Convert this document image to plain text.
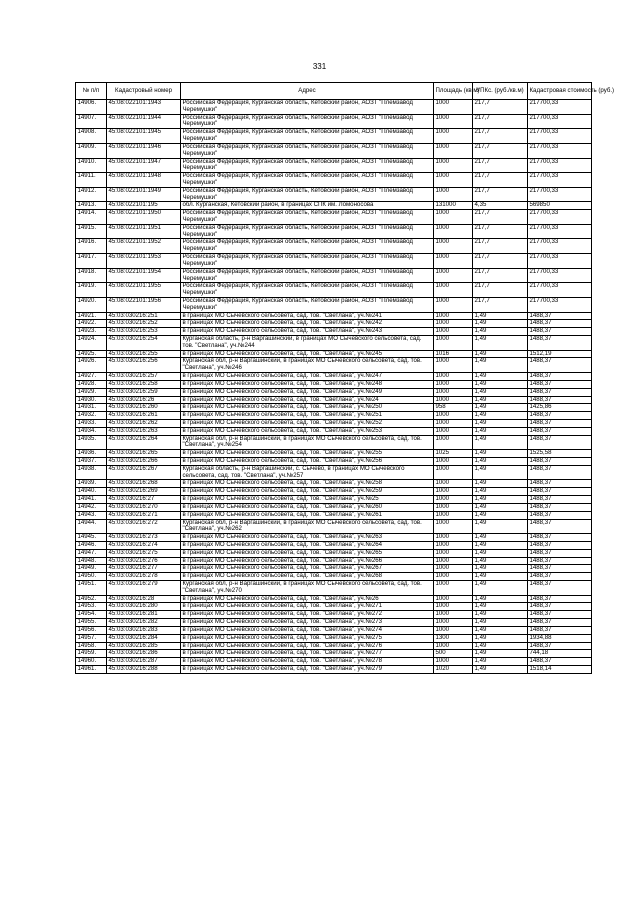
331
№ п/п	Кадастровый номер	Адрес	Площадь (кв.м)	УПКс. (руб./кв.м)	Кадастровая стоимость (руб.)
14906.	45:08:022101:1943	Российская Федерация, Курганская область, Кетовский район, АОЗТ "Племзавод Черемушки"	1000	217,7	217700,33
14907.	45:08:022101:1944	Российская Федерация, Курганская область, Кетовский район, АОЗТ "Племзавод Черемушки"	1000	217,7	217700,33
14908.	45:08:022101:1945	Российская Федерация, Курганская область, Кетовский район, АОЗТ "Племзавод Черемушки"	1000	217,7	217700,33
14909.	45:08:022101:1946	Российская Федерация, Курганская область, Кетовский район, АОЗТ "Племзавод Черемушки"	1000	217,7	217700,33
14910.	45:08:022101:1947	Российская Федерация, Курганская область, Кетовский район, АОЗТ "Племзавод Черемушки"	1000	217,7	217700,33
14911.	45:08:022101:1948	Российская Федерация, Курганская область, Кетовский район, АОЗТ "Племзавод Черемушки"	1000	217,7	217700,33
14912.	45:08:022101:1949	Российская Федерация, Курганская область, Кетовский район, АОЗТ "Племзавод Черемушки"	1000	217,7	217700,33
14913.	45:08:022101:195	обл. Курганская, Кетовский район, в границах СПК им. Ломоносова	131000	4,35	569850
14914.	45:08:022101:1950	Российская Федерация, Курганская область, Кетовский район, АОЗТ "Племзавод Черемушки"	1000	217,7	217700,33
14915.	45:08:022101:1951	Российская Федерация, Курганская область, Кетовский район, АОЗТ "Племзавод Черемушки"	1000	217,7	217700,33
14916.	45:08:022101:1952	Российская Федерация, Курганская область, Кетовский район, АОЗТ "Племзавод Черемушки"	1000	217,7	217700,33
14917.	45:08:022101:1953	Российская Федерация, Курганская область, Кетовский район, АОЗТ "Племзавод Черемушки"	1000	217,7	217700,33
14918.	45:08:022101:1954	Российская Федерация, Курганская область, Кетовский район, АОЗТ "Племзавод Черемушки"	1000	217,7	217700,33
14919.	45:08:022101:1955	Российская Федерация, Курганская область, Кетовский район, АОЗТ "Племзавод Черемушки"	1000	217,7	217700,33
14920.	45:08:022101:1956	Российская Федерация, Курганская область, Кетовский район, АОЗТ "Племзавод Черемушки"	1000	217,7	217700,33
14921.	45:03:030216:251	в границах МО Сычевского сельсовета, сад. тов. "Светлана", уч.№241	1000	1,49	1488,37
14922.	45:03:030216:252	в границах МО Сычевского сельсовета, сад. тов. "Светлана", уч.№242	1000	1,49	1488,37
14923.	45:03:030216:253	в границах МО Сычевского сельсовета, сад. тов. "Светлана", уч.№243	1000	1,49	1488,37
14924.	45:03:030216:254	Курганская область, р-н Варгашинский, в границах МО Сычевского сельсовета, сад. тов. "Светлана", уч.№244	1000	1,49	1488,37
14925.	45:03:030216:255	в границах МО Сычевского сельсовета, сад. тов. "Светлана", уч.№245	1016	1,49	1512,19
14926.	45:03:030216:256	Курганская обл, р-н Варгашинский, в границах МО Сычевского сельсовета, сад. тов. "Светлана", уч.№246	1000	1,49	1488,37
14927.	45:03:030216:257	в границах МО Сычевского сельсовета, сад. тов. "Светлана", уч.№247	1000	1,49	1488,37
14928.	45:03:030216:258	в границах МО Сычевского сельсовета, сад. тов. "Светлана", уч.№248	1000	1,49	1488,37
14929.	45:03:030216:259	в границах МО Сычевского сельсовета, сад. тов. "Светлана", уч.№249	1000	1,49	1488,37
14930.	45:03:030216:26	в границах МО Сычевского сельсовета, сад. тов. "Светлана", уч.№24	1000	1,49	1488,37
14931.	45:03:030216:260	в границах МО Сычевского сельсовета, сад. тов. "Светлана", уч.№250	958	1,49	1425,86
14932.	45:03:030216:261	в границах МО Сычевского сельсовета, сад. тов. "Светлана", уч.№251	1000	1,49	1488,37
14933.	45:03:030216:262	в границах МО Сычевского сельсовета, сад. тов. "Светлана", уч.№252	1000	1,49	1488,37
14934.	45:03:030216:263	в границах МО Сычевского сельсовета, сад. тов. "Светлана", уч.№253	1000	1,49	1488,37
14935.	45:03:030216:264	Курганская обл, р-н Варгашинский, в границах МО Сычевского сельсовета, сад. тов. "Светлана", уч.№254	1000	1,49	1488,37
14936.	45:03:030216:265	в границах МО Сычевского сельсовета, сад. тов. "Светлана", уч.№255	1025	1,49	1525,58
14937.	45:03:030216:266	в границах МО Сычевского сельсовета, сад. тов. "Светлана", уч.№256	1000	1,49	1488,37
14938.	45:03:030216:267	Курганская область, р-н Варгашинский, с. Сычево, в границах МО Сычевского сельсовета, сад. тов. "Светлана", уч.№257	1000	1,49	1488,37
14939.	45:03:030216:268	в границах МО Сычевского сельсовета, сад. тов. "Светлана", уч.№258	1000	1,49	1488,37
14940.	45:03:030216:269	в границах МО Сычевского сельсовета, сад. тов. "Светлана", уч.№259	1000	1,49	1488,37
14941.	45:03:030216:27	в границах МО Сычевского сельсовета, сад. тов. "Светлана", уч.№25	1000	1,49	1488,37
14942.	45:03:030216:270	в границах МО Сычевского сельсовета, сад. тов. "Светлана", уч.№260	1000	1,49	1488,37
14943.	45:03:030216:271	в границах МО Сычевского сельсовета, сад. тов. "Светлана", уч.№261	1000	1,49	1488,37
14944.	45:03:030216:272	Курганская обл, р-н Варгашинский, в границах МО Сычевского сельсовета, сад. тов. "Светлана", уч.№262	1000	1,49	1488,37
14945.	45:03:030216:273	в границах МО Сычевского сельсовета, сад. тов. "Светлана", уч.№263	1000	1,49	1488,37
14946.	45:03:030216:274	в границах МО Сычевского сельсовета, сад. тов. "Светлана", уч.№264	1000	1,49	1488,37
14947.	45:03:030216:275	в границах МО Сычевского сельсовета, сад. тов. "Светлана", уч.№265	1000	1,49	1488,37
14948.	45:03:030216:276	в границах МО Сычевского сельсовета, сад. тов. "Светлана", уч.№266	1000	1,49	1488,37
14949.	45:03:030216:277	в границах МО Сычевского сельсовета, сад. тов. "Светлана", уч.№267	1000	1,49	1488,37
14950.	45:03:030216:278	в границах МО Сычевского сельсовета, сад. тов. "Светлана", уч.№268	1000	1,49	1488,37
14951.	45:03:030216:279	Курганская обл, р-н Варгашинский, в границах МО Сычевского сельсовета, сад. тов. "Светлана", уч.№270	1000	1,49	1488,37
14952.	45:03:030216:28	в границах МО Сычевского сельсовета, сад. тов. "Светлана", уч.№26	1000	1,49	1488,37
14953.	45:03:030216:280	в границах МО Сычевского сельсовета, сад. тов. "Светлана", уч.№271	1000	1,49	1488,37
14954.	45:03:030216:281	в границах МО Сычевского сельсовета, сад. тов. "Светлана", уч.№272	1000	1,49	1488,37
14955.	45:03:030216:282	в границах МО Сычевского сельсовета, сад. тов. "Светлана", уч.№273	1000	1,49	1488,37
14956.	45:03:030216:283	в границах МО Сычевского сельсовета, сад. тов. "Светлана", уч.№274	1000	1,49	1488,37
14957.	45:03:030216:284	в границах МО Сычевского сельсовета, сад. тов. "Светлана", уч.№275	1300	1,49	1934,88
14958.	45:03:030216:285	в границах МО Сычевского сельсовета, сад. тов. "Светлана", уч.№276	1000	1,49	1488,37
14959.	45:03:030216:286	в границах МО Сычевского сельсовета, сад. тов. "Светлана", уч.№277	500	1,49	744,18
14960.	45:03:030216:287	в границах МО Сычевского сельсовета, сад. тов. "Светлана", уч.№278	1000	1,49	1488,37
14961.	45:03:030216:288	в границах МО Сычевского сельсовета, сад. тов. "Светлана", уч.№279	1020	1,49	1518,14
